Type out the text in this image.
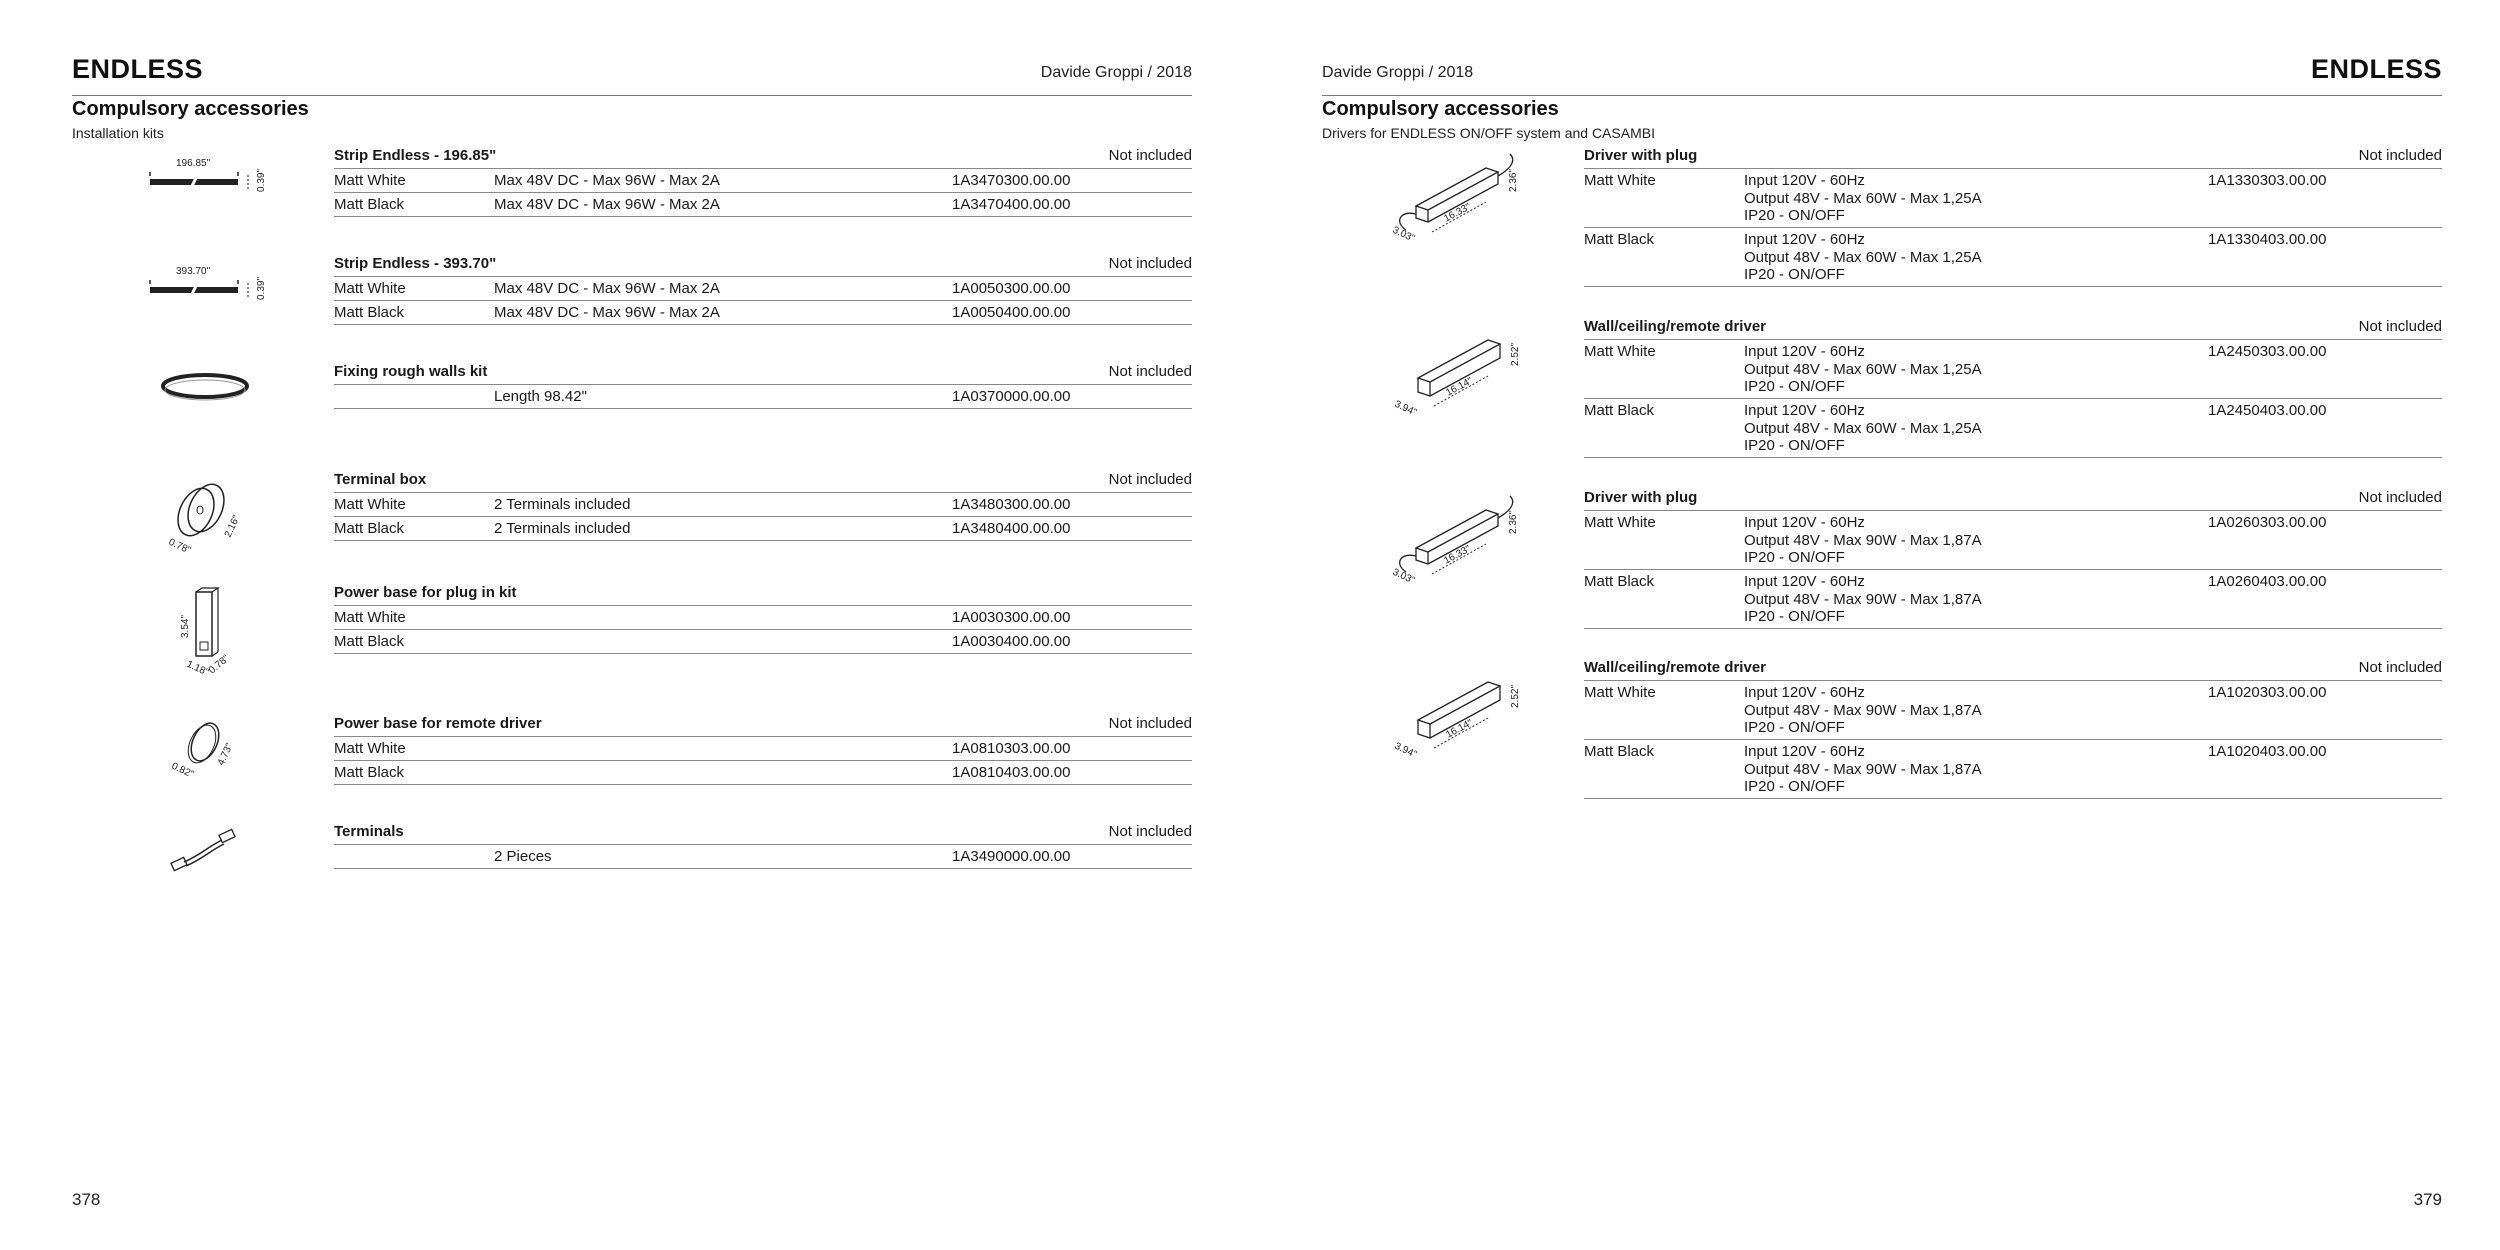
ENDLESS	Davide Groppi / 2018
Compulsory accessories
Installation kits
196.85"
0.39"
Strip Endless - 196.85"	Not included
Matt White	Max 48V DC - Max 96W - Max 2A	1A3470300.00.00
Matt Black	Max 48V DC - Max 96W - Max 2A	1A3470400.00.00
393.70"
0.39"
Strip Endless - 393.70"	Not included
Matt White	Max 48V DC - Max 96W - Max 2A	1A0050300.00.00
Matt Black	Max 48V DC - Max 96W - Max 2A	1A0050400.00.00
Fixing rough walls kit	Not included
Length 98.42"	1A0370000.00.00
0.78"
2.16"
Terminal box	Not included
Matt White	2 Terminals included	1A3480300.00.00
Matt Black	2 Terminals included	1A3480400.00.00
3.54"
1.18"
0.78"
Power base for plug in kit
Matt White	1A0030300.00.00
Matt Black	1A0030400.00.00
0.82"
4.73"
Power base for remote driver	Not included
Matt White	1A0810303.00.00
Matt Black	1A0810403.00.00
Terminals	Not included
2 Pieces	1A3490000.00.00
378
Davide Groppi / 2018	ENDLESS
Compulsory accessories
Drivers for ENDLESS ON/OFF system and CASAMBI
3.03"
16.33"
2.36"
Driver with plug	Not included
Matt White	Input 120V - 60Hz
Output 48V - Max 60W - Max 1,25A
IP20 - ON/OFF
1A1330303.00.00
Matt Black	Input 120V - 60Hz
Output 48V - Max 60W - Max 1,25A
IP20 - ON/OFF
1A1330403.00.00
3.94"
16.14"
2.52"
Wall/ceiling/remote driver	Not included
Matt White	Input 120V - 60Hz
Output 48V - Max 60W - Max 1,25A
IP20 - ON/OFF
1A2450303.00.00
Matt Black	Input 120V - 60Hz
Output 48V - Max 60W - Max 1,25A
IP20 - ON/OFF
1A2450403.00.00
3.03"
16.33"
2.36"
Driver with plug	Not included
Matt White	Input 120V - 60Hz
Output 48V - Max 90W - Max 1,87A
IP20 - ON/OFF
1A0260303.00.00
Matt Black	Input 120V - 60Hz
Output 48V - Max 90W - Max 1,87A
IP20 - ON/OFF
1A0260403.00.00
3.94"
16.14"
2.52"
Wall/ceiling/remote driver	Not included
Matt White	Input 120V - 60Hz
Output 48V - Max 90W - Max 1,87A
IP20 - ON/OFF
1A1020303.00.00
Matt Black	Input 120V - 60Hz
Output 48V - Max 90W - Max 1,87A
IP20 - ON/OFF
1A1020403.00.00
379
